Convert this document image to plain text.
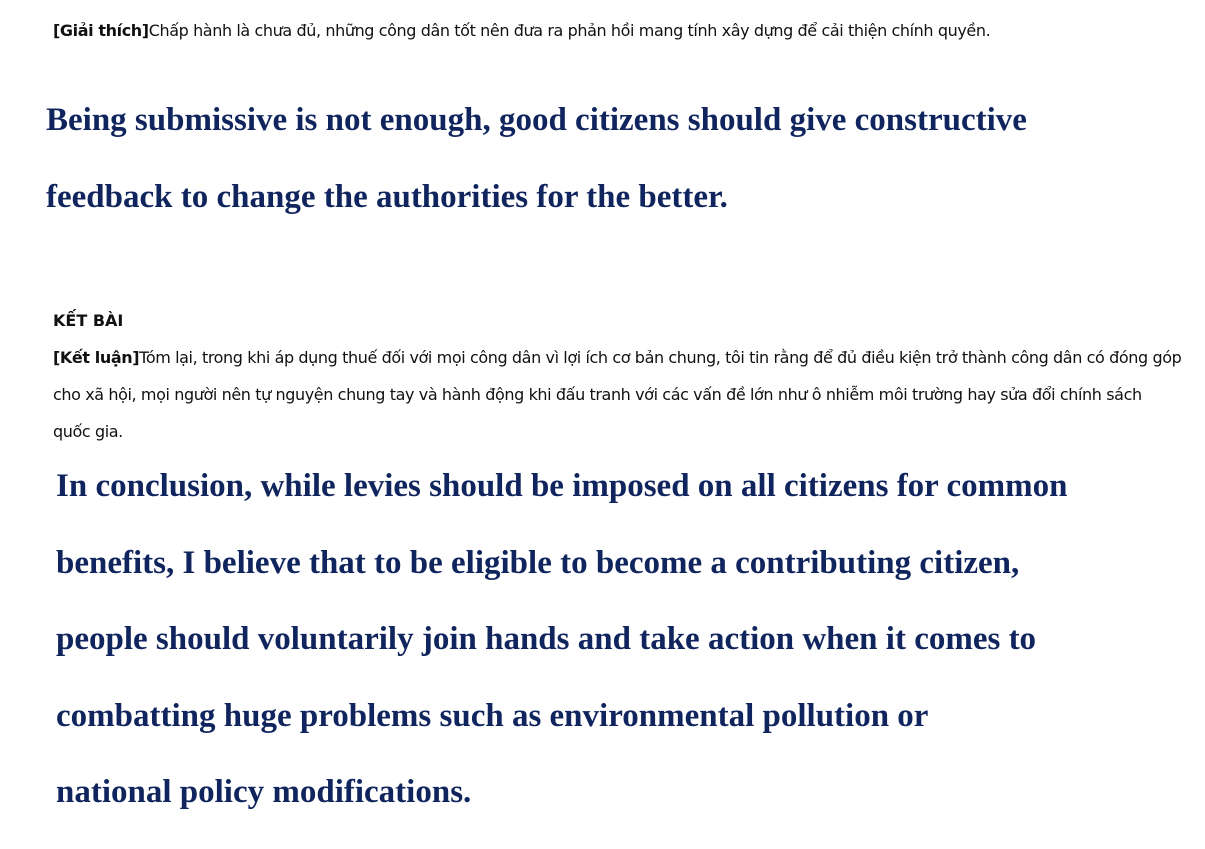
[Giải thích]Chấp hành là chưa đủ, những công dân tốt nên đưa ra phản hồi mang tính xây dựng để cải thiện chính quyền.

Being submissive is not enough, good citizens should give constructive
feedback to change the authorities for the better.
KẾT BÀI

[Kết luận]Tóm lại, trong khi áp dụng thuế đối với mọi công dân vì lợi ích cơ bản chung, tôi tin rằng để đủ điều kiện trở thành công dân có đóng góp cho xã hội, mọi người nên tự nguyện chung tay và hành động khi đấu tranh với các vấn đề lớn như ô nhiễm môi trường hay sửa đổi chính sách quốc gia.

In conclusion, while levies should be imposed on all citizens for common
benefits, I believe that to be eligible to become a contributing citizen,
people should voluntarily join hands and take action when it comes to
combatting huge problems such as environmental pollution or
national policy modifications.
